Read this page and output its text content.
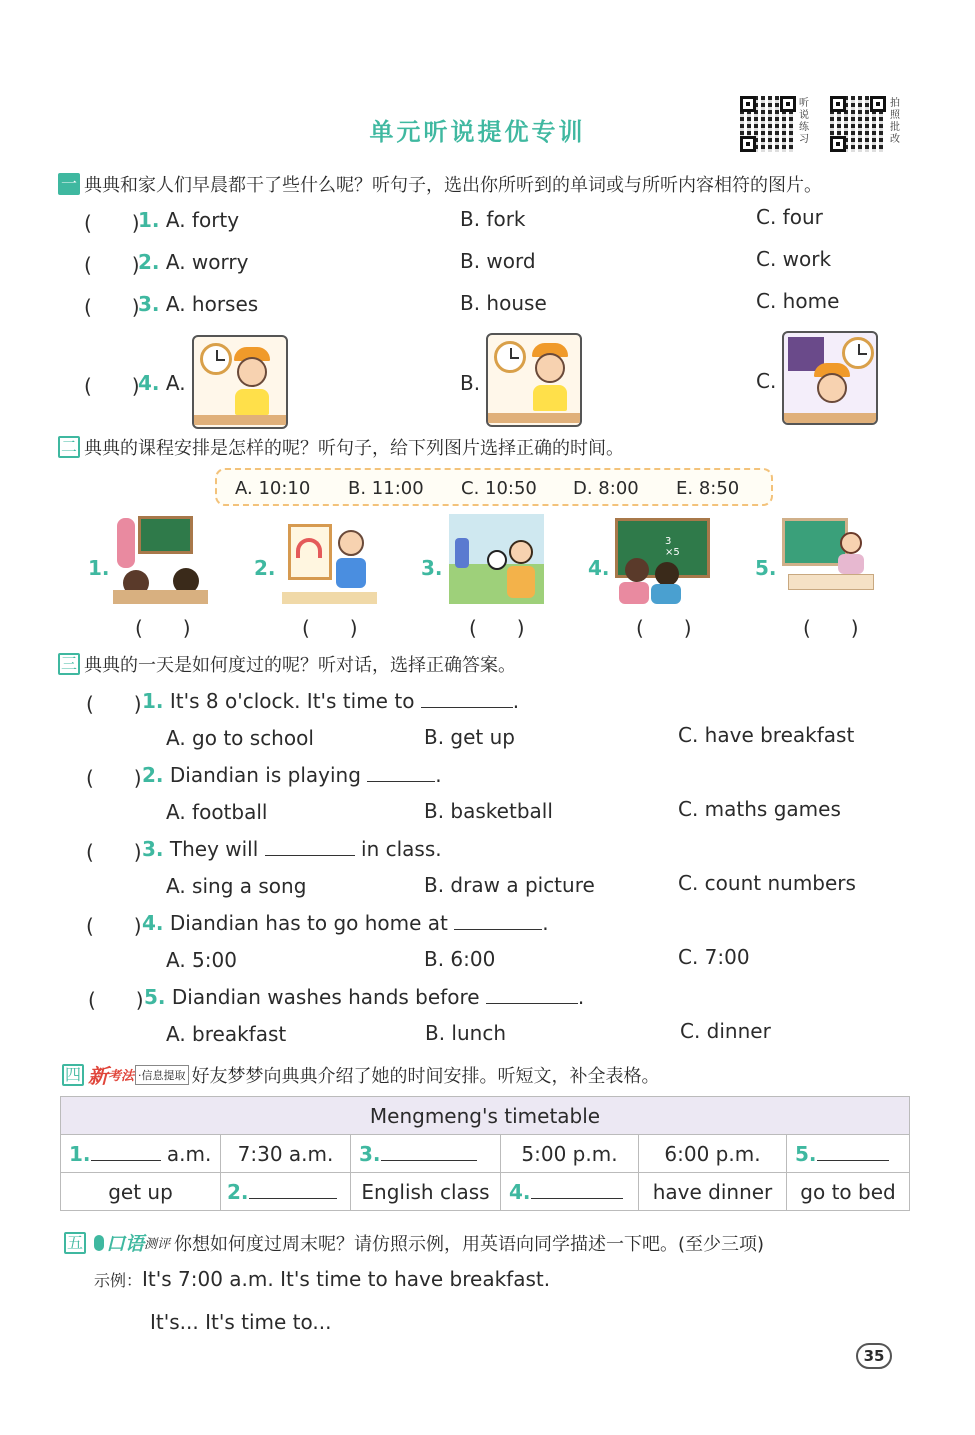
单元听说提优专训
听说练习
拍照批改
一 典典和家人们早晨都干了些什么呢？听句子，选出你所听到的单词或与所听内容相符的图片。
(　　)
1. A. forty	B. fork	C. four
(　　)
2. A. worry	B. word	C. work
(　　)
3. A. horses	B. house	C. home
(　　)
4. A.	B.	C.
二 典典的课程安排是怎样的呢？听句子，给下列图片选择正确的时间。
A. 10:10 B. 11:00 C. 10:50 D. 8:00 E. 8:50
1.
(　　)
2.
(　　)
3.
(　　)
4.
3
×5
(　　)
5.
(　　)
三 典典的一天是如何度过的呢？听对话，选择正确答案。
(　　) 1. It's 8 o'clock. It's time to	.
A. go to school	B. get up	C. have breakfast
(　　) 2. Diandian is playing	.
A. football	B. basketball	C. maths games
(　　) 3. They will	in class.
A. sing a song	B. draw a picture	C. count numbers
(　　) 4. Diandian has to go home at	.
A. 5:00	B. 6:00	C. 7:00
(　　) 5. Diandian washes hands before	.
A. breakfast	B. lunch	C. dinner
四 新 考法 ·信息提取 好友梦梦向典典介绍了她的时间安排。听短文，补全表格。
Mengmeng's timetable					
1. a.m.	7:30 a.m.	3.	5:00 p.m.	6:00 p.m.	5.
get up	2.	English class	4.	have dinner	go to bed
五 口语 测评 你想如何度过周末呢？请仿照示例，用英语向同学描述一下吧。(至少三项)
示例：It's 7:00 a.m. It's time to have breakfast.
It's... It's time to...
35
